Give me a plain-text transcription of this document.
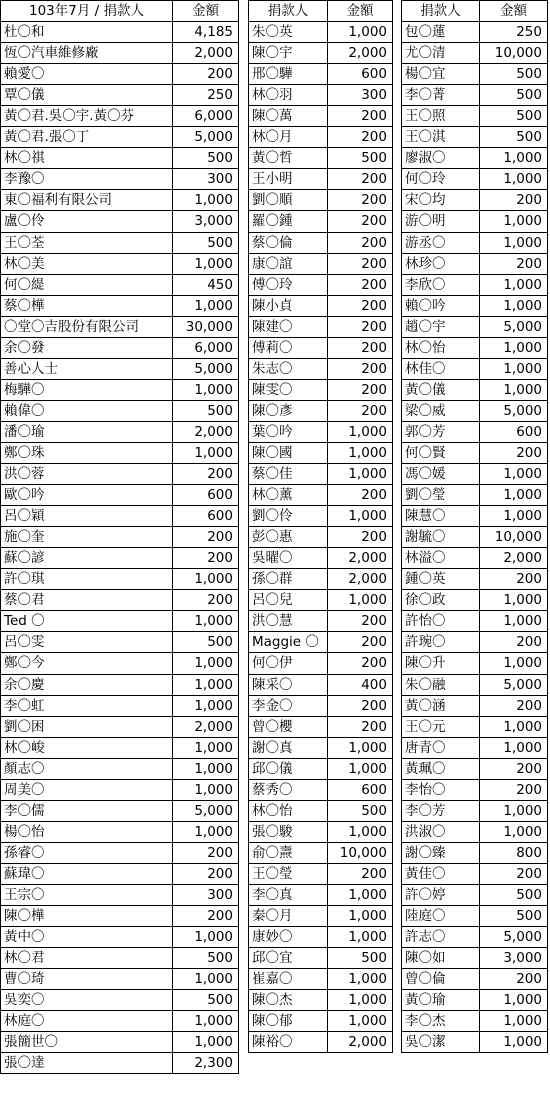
103年7月 / 捐款人	金額
杜〇和	4,185
恆〇汽車維修廠	2,000
賴愛〇	200
覃〇儀	250
黃〇君.吳〇宇.黃〇芬	6,000
黃〇君.張〇丁	5,000
林〇祺	500
李豫〇	300
東〇福利有限公司	1,000
盧〇伶	3,000
王〇荃	500
林〇美	1,000
何〇緹	450
蔡〇樺	1,000
〇堂〇吉股份有限公司	30,000
余〇發	6,000
善心人士	5,000
梅驊〇	1,000
賴偉〇	500
潘〇瑜	2,000
鄭〇珠	1,000
洪〇蓉	200
歐〇吟	600
呂〇穎	600
施〇奎	200
蘇〇諺	200
許〇琪	1,000
蔡〇君	200
Ted 〇	1,000
呂〇雯	500
鄭〇今	1,000
余〇慶	1,000
李〇虹	1,000
劉〇困	2,000
林〇峻	1,000
顏志〇	1,000
周美〇	1,000
李〇儒	5,000
楊〇怡	1,000
孫睿〇	200
蘇瑋〇	200
王宗〇	300
陳〇樺	200
黃中〇	1,000
林〇君	500
曹〇琦	1,000
吳奕〇	500
林庭〇	1,000
張簡世〇	1,000
張〇達	2,300
捐款人	金額
朱〇英	1,000
陳〇宇	2,000
邢〇驊	600
林〇羽	300
陳〇萬	200
林〇月	200
黃〇哲	500
王小明	200
劉〇順	200
羅〇鍾	200
蔡〇倫	200
康〇誼	200
傅〇玲	200
陳小貞	200
陳建〇	200
傅莉〇	200
朱志〇	200
陳雯〇	200
陳〇彥	200
葉〇吟	1,000
陳〇國	1,000
蔡〇佳	1,000
林〇薰	200
劉〇伶	1,000
彭〇惠	200
吳曜〇	2,000
孫〇群	2,000
呂〇兒	1,000
洪〇慧	200
Maggie 〇	200
何〇伊	200
陳采〇	400
李金〇	200
曾〇櫻	200
謝〇真	1,000
邱〇儀	1,000
蔡秀〇	600
林〇怡	500
張〇駿	1,000
俞〇燾	10,000
王〇瑩	200
李〇真	1,000
秦〇月	1,000
康妙〇	1,000
邱〇宜	500
崔嘉〇	1,000
陳〇杰	1,000
陳〇郁	1,000
陳裕〇	2,000
捐款人	金額
包〇蓮	250
尤〇清	10,000
楊〇宜	500
李〇菁	500
王〇照	500
王〇淇	500
廖淑〇	1,000
何〇玲	1,000
宋〇均	200
游〇明	1,000
游丞〇	1,000
林珍〇	200
李欣〇	1,000
賴〇吟	1,000
趙〇宇	5,000
林〇怡	1,000
林佳〇	1,000
黃〇儀	1,000
梁〇威	5,000
郭〇芳	600
何〇賢	200
馮〇媛	1,000
劉〇瑩	1,000
陳慧〇	1,000
謝毓〇	10,000
林溢〇	2,000
鍾〇英	200
徐〇政	1,000
許怡〇	1,000
許琬〇	200
陳〇升	1,000
朱〇融	5,000
黃〇涵	200
王〇元	1,000
唐青〇	1,000
黃珮〇	200
李怡〇	200
李〇芳	1,000
洪淑〇	1,000
謝〇臻	800
黃佳〇	200
許〇婷	500
陸庭〇	500
許志〇	5,000
陳〇如	3,000
曾〇倫	200
黃〇瑜	1,000
李〇杰	1,000
吳〇潔	1,000
